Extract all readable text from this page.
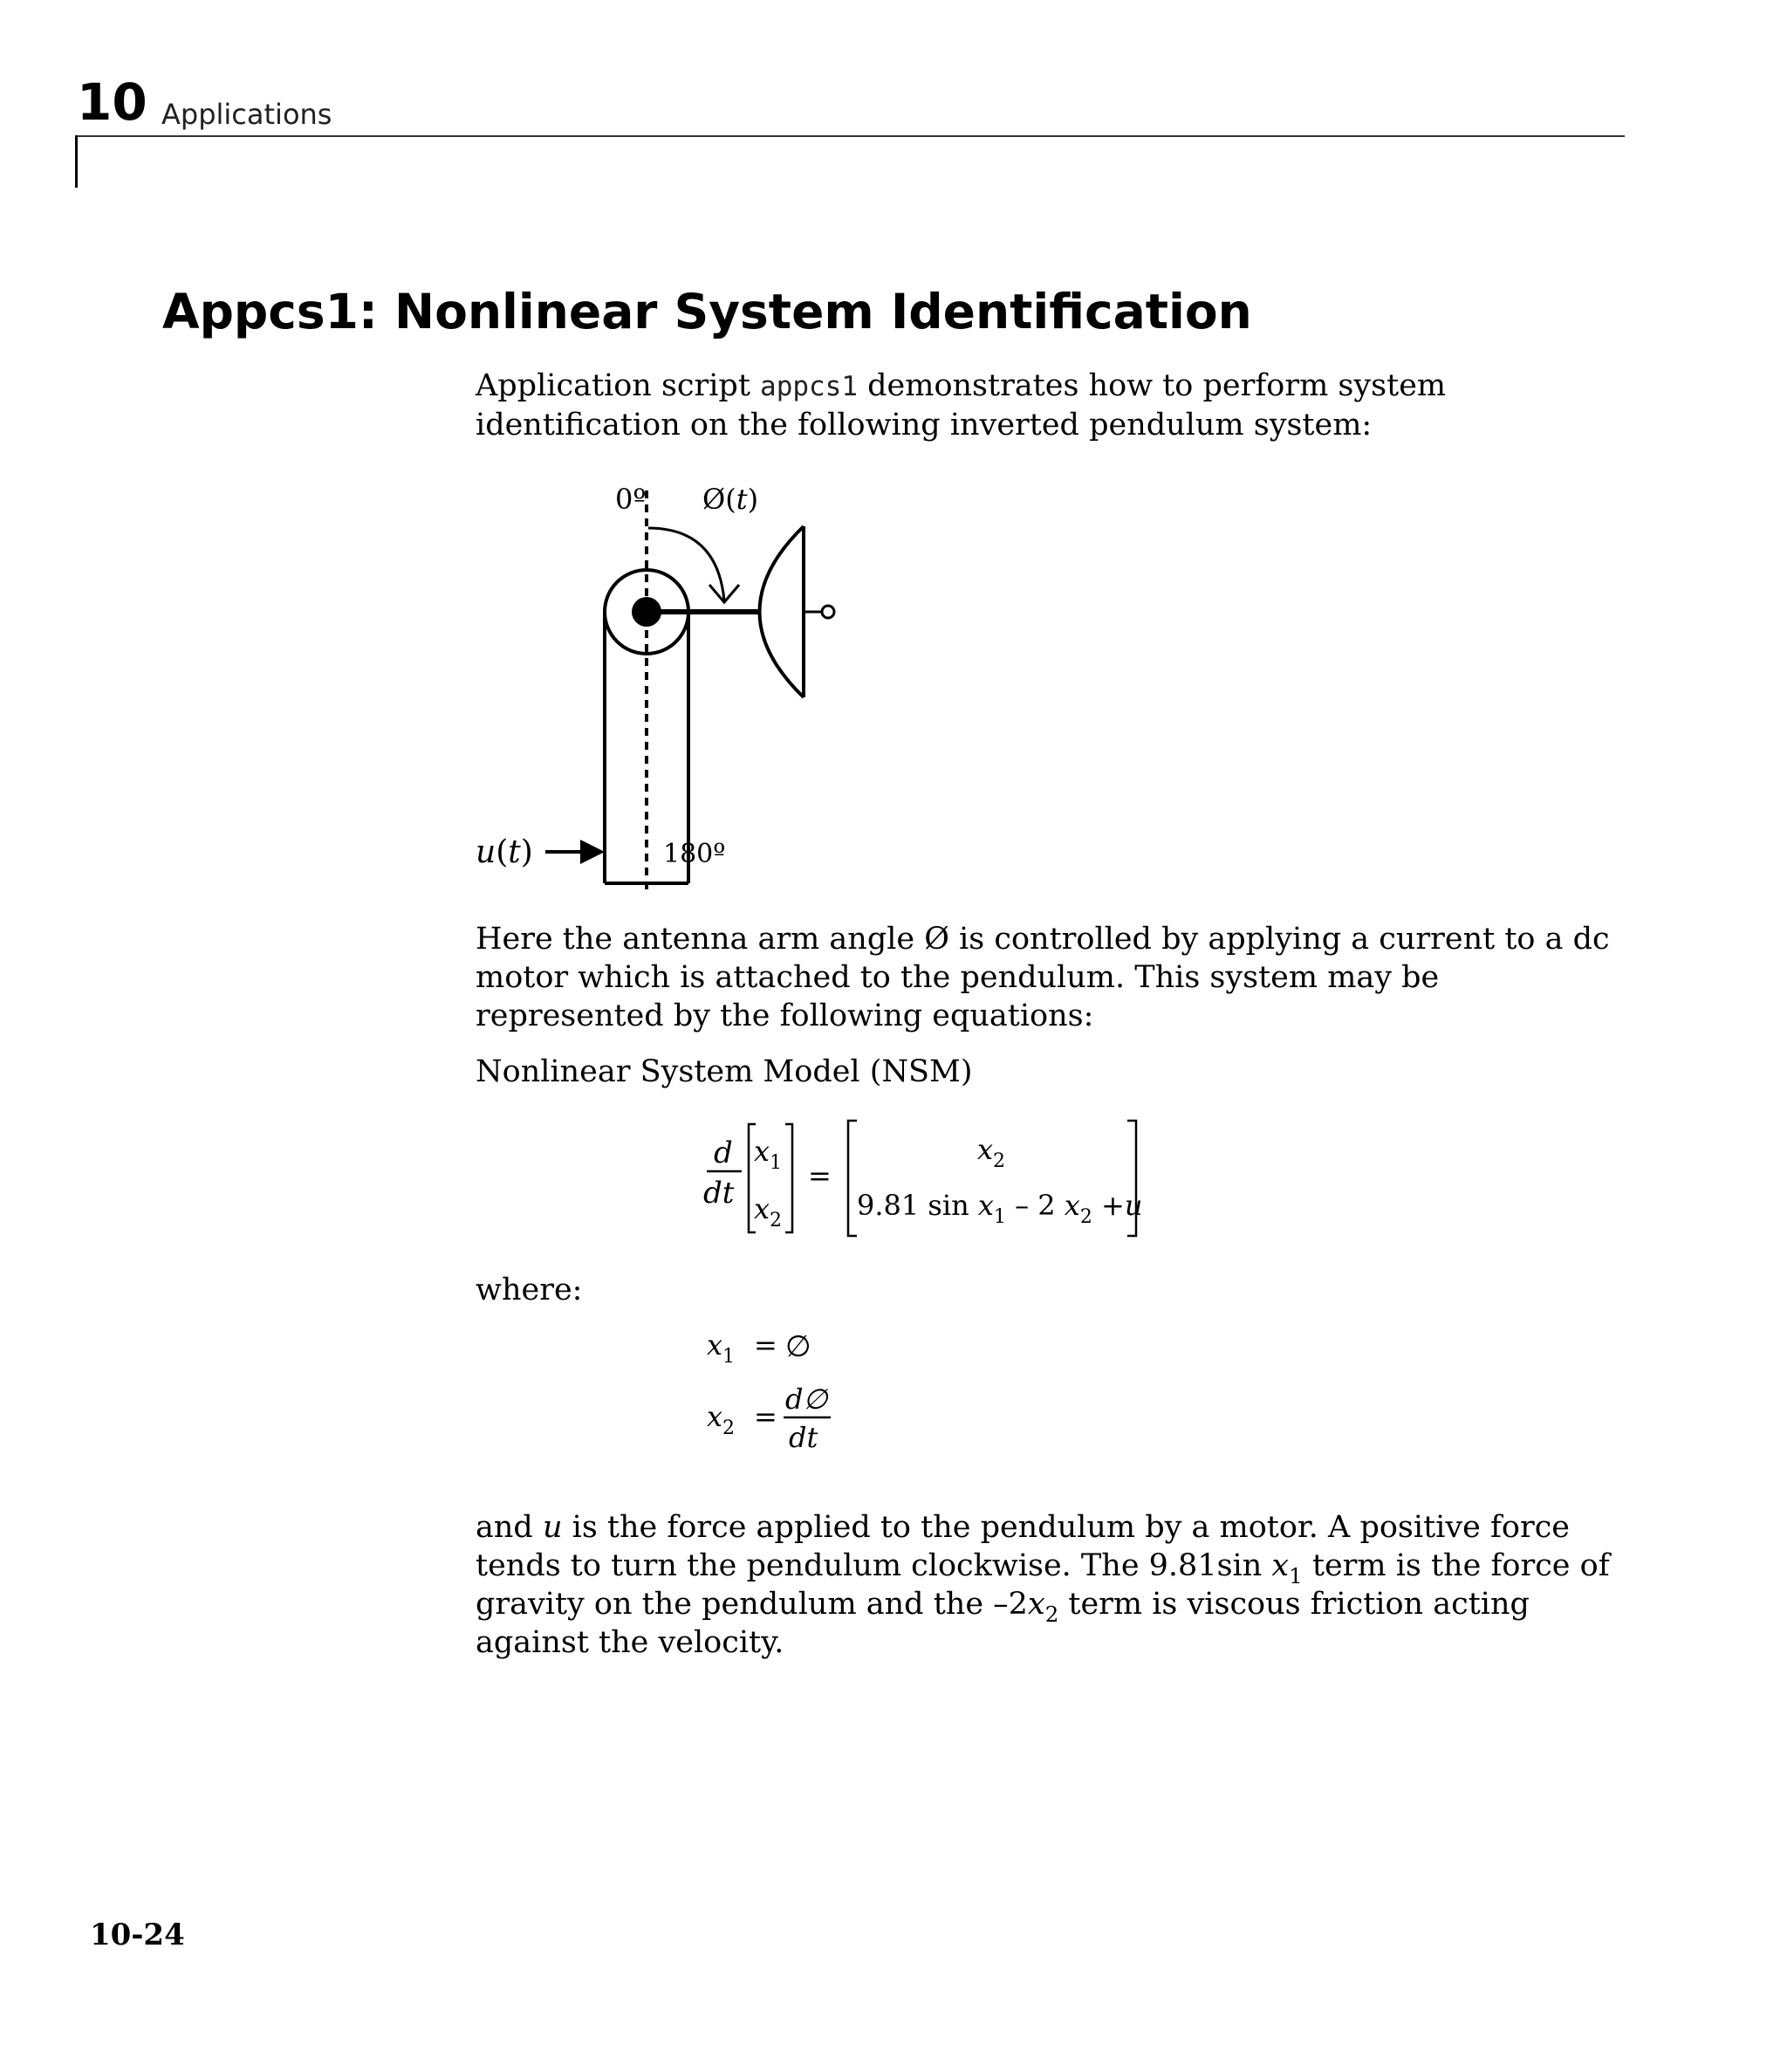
10 Applications
Appcs1: Nonlinear System Identification
Application script appcs1 demonstrates how to perform system identification on the following inverted pendulum system:
0º Ø(t)
u(t)	180º
Here the antenna arm angle Ø is controlled by applying a current to a dc motor which is attached to the pendulum. This system may be represented by the following equations:
Nonlinear System Model (NSM)
d
dt
$x_1$
$x_2$
=
$x_2$
9.81 $\sin x_1 - 2$ $x_2 +u$
where:
$x_1$ = ∅
$x_2$ =
d∅
dt
and u is the force applied to the pendulum by a motor. A positive force tends to turn the pendulum clockwise. The 9.81sin $x_1$ term is the force of gravity on the pendulum and the $-2x_2$ term is viscous friction acting against the velocity.
10-24
